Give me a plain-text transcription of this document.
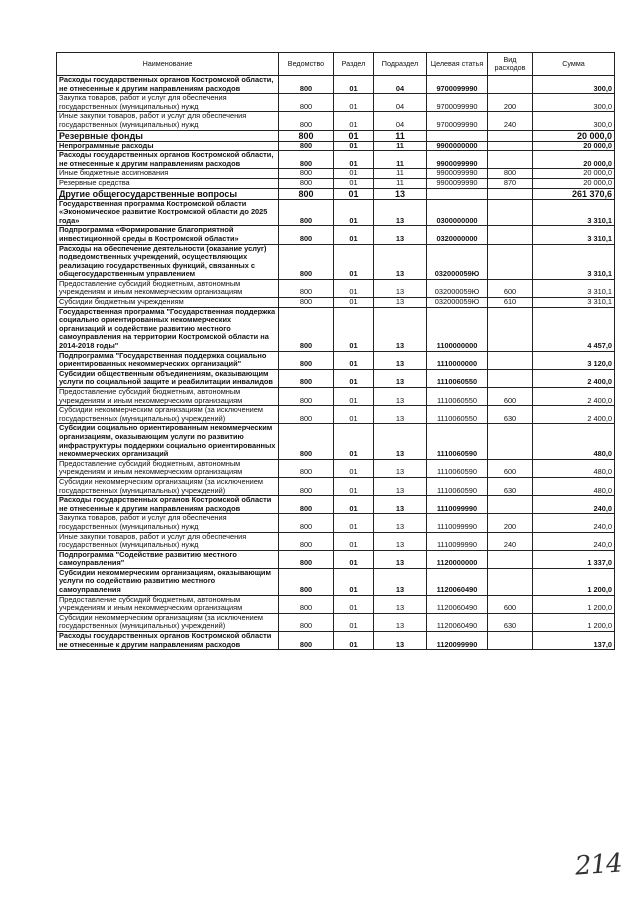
Наименование	Ведомство	Раздел	Подраздел	Целевая статья	Вид расходов	Сумма
Расходы государственных органов Костромской области, не отнесенные к другим направлениям расходов	800	01	04	9700099990		300,0
Закупка товаров, работ и услуг для обеспечения государственных (муниципальных) нужд	800	01	04	9700099990	200	300,0
Иные закупки товаров, работ и услуг для обеспечения государственных (муниципальных) нужд	800	01	04	9700099990	240	300,0
Резервные фонды	800	01	11			20 000,0
Непрограммные расходы	800	01	11	9900000000		20 000,0
Расходы государственных органов Костромской области, не отнесенные к другим направлениям расходов	800	01	11	9900099990		20 000,0
Иные бюджетные ассигнования	800	01	11	9900099990	800	20 000,0
Резервные средства	800	01	11	9900099990	870	20 000,0
Другие общегосударственные вопросы	800	01	13			261 370,6
Государственная программа Костромской области «Экономическое развитие Костромской области до 2025 года»	800	01	13	0300000000		3 310,1
Подпрограмма «Формирование благоприятной инвестиционной среды в Костромской области»	800	01	13	0320000000		3 310,1
Расходы на обеспечение деятельности (оказание услуг) подведомственных учреждений, осуществляющих реализацию государственных функций, связанных с общегосударственным управлением	800	01	13	032000059Ю		3 310,1
Предоставление субсидий бюджетным, автономным учреждениям и иным некоммерческим организациям	800	01	13	032000059Ю	600	3 310,1
Субсидии бюджетным учреждениям	800	01	13	032000059Ю	610	3 310,1
Государственная программа "Государственная поддержка социально ориентированных некоммерческих организаций и содействие развитию местного самоуправления на территории Костромской области на 2014-2018 годы"	800	01	13	1100000000		4 457,0
Подпрограмма "Государственная поддержка социально ориентированных некоммерческих организаций"	800	01	13	1110000000		3 120,0
Субсидии общественным объединениям, оказывающим услуги по социальной защите и реабилитации инвалидов	800	01	13	1110060550		2 400,0
Предоставление субсидий бюджетным, автономным учреждениям и иным некоммерческим организациям	800	01	13	1110060550	600	2 400,0
Субсидии некоммерческим организациям (за исключением государственных (муниципальных) учреждений)	800	01	13	1110060550	630	2 400,0
Субсидии социально ориентированным некоммерческим организациям, оказывающим услуги по развитию инфраструктуры поддержки социально ориентированных некоммерческих организаций	800	01	13	1110060590		480,0
Предоставление субсидий бюджетным, автономным учреждениям и иным некоммерческим организациям	800	01	13	1110060590	600	480,0
Субсидии некоммерческим организациям (за исключением государственных (муниципальных) учреждений)	800	01	13	1110060590	630	480,0
Расходы государственных органов Костромской области не отнесенные к другим направлениям расходов	800	01	13	1110099990		240,0
Закупка товаров, работ и услуг для обеспечения государственных (муниципальных) нужд	800	01	13	1110099990	200	240,0
Иные закупки товаров, работ и услуг для обеспечения государственных (муниципальных) нужд	800	01	13	1110099990	240	240,0
Подпрограмма "Содействие развитию местного самоуправления"	800	01	13	1120000000		1 337,0
Субсидии некоммерческим организациям, оказывающим услуги по содействию развитию местного самоуправления	800	01	13	1120060490		1 200,0
Предоставление субсидий бюджетным, автономным учреждениям и иным некоммерческим организациям	800	01	13	1120060490	600	1 200,0
Субсидии некоммерческим организациям (за исключением государственных (муниципальных) учреждений)	800	01	13	1120060490	630	1 200,0
Расходы государственных органов Костромской области не отнесенные к другим направлениям расходов	800	01	13	1120099990		137,0
214
